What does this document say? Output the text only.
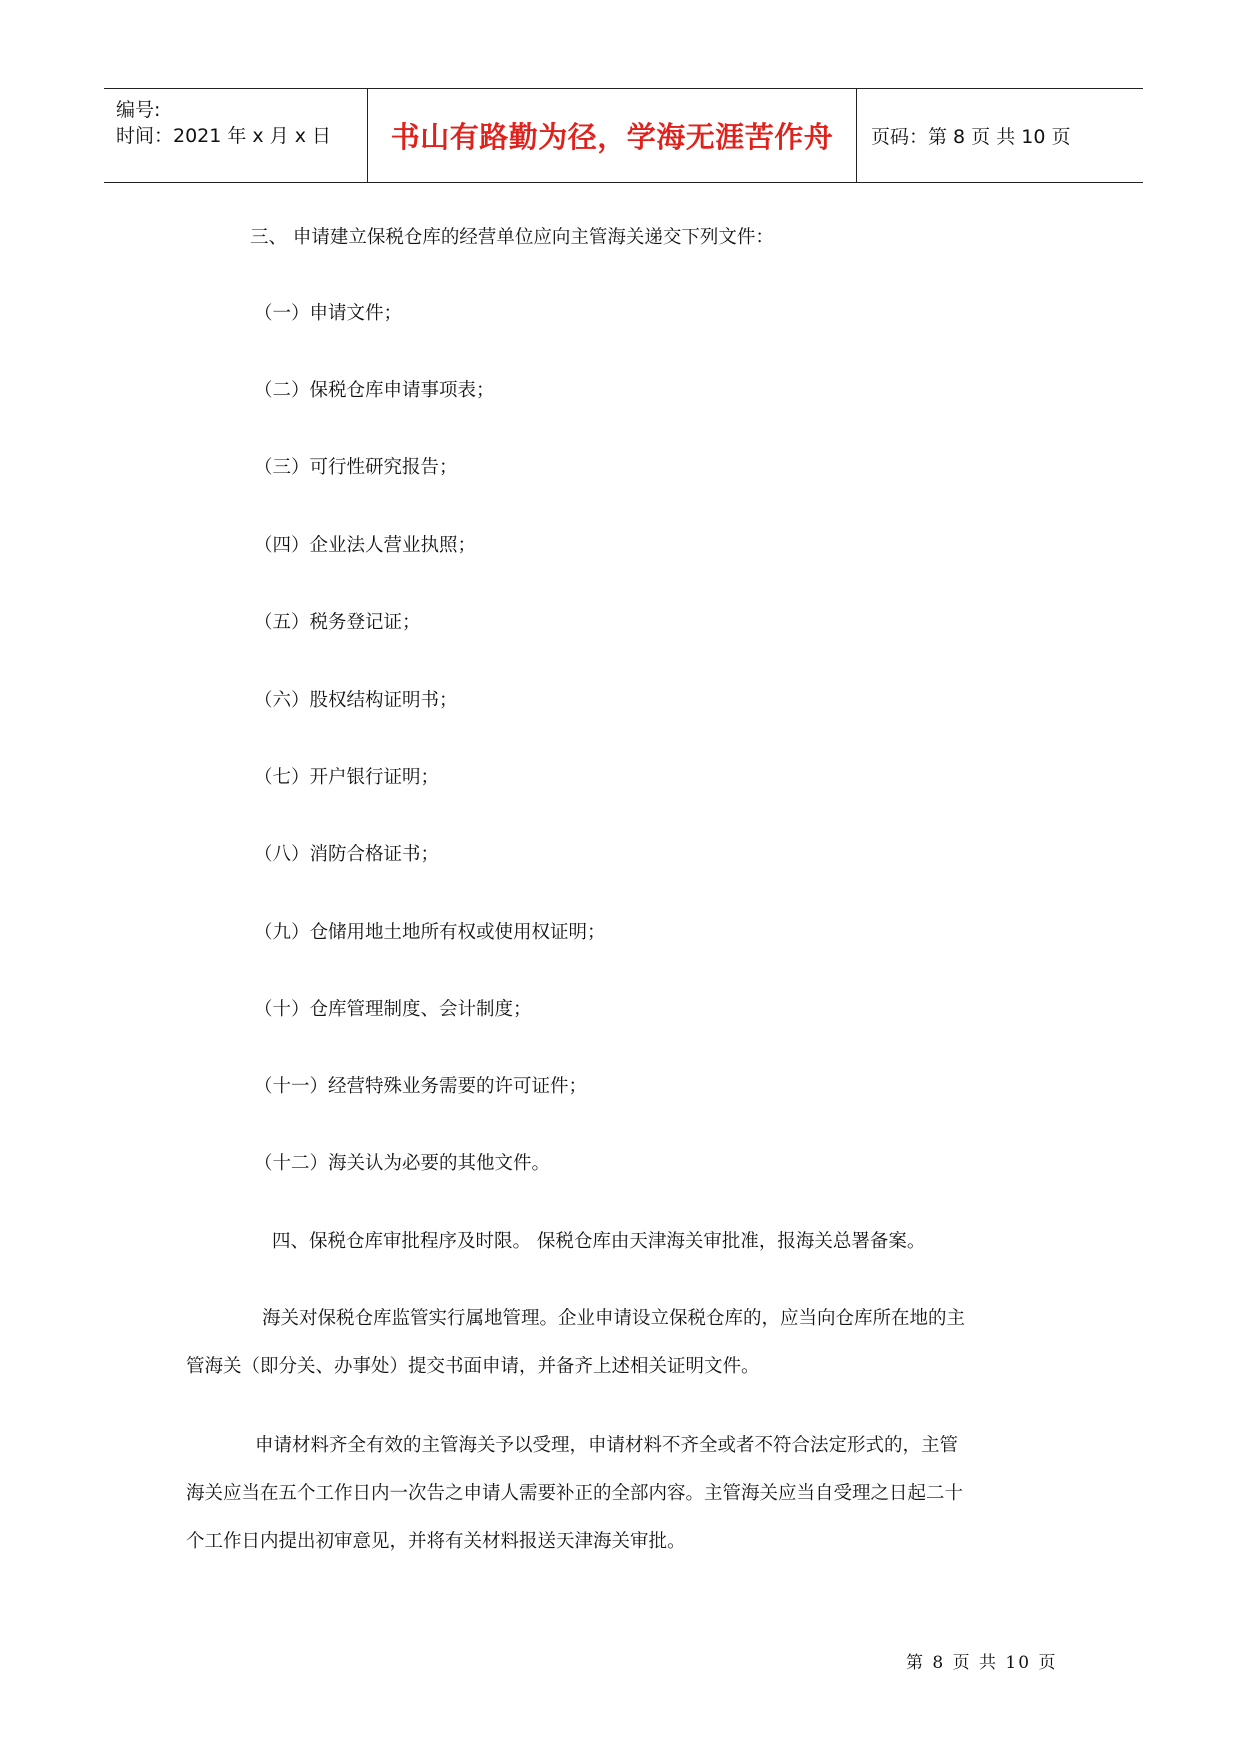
编号:
时间：2021 年 x 月 x 日	书山有路勤为径，学海无涯苦作舟	页码：第 8 页 共 10 页
三、 申请建立保税仓库的经营单位应向主管海关递交下列文件：
（一）申请文件；
（二）保税仓库申请事项表；
（三）可行性研究报告；
（四）企业法人营业执照；
（五）税务登记证；
（六）股权结构证明书；
（七）开户银行证明；
（八）消防合格证书；
（九）仓储用地土地所有权或使用权证明；
（十）仓库管理制度、会计制度；
（十一）经营特殊业务需要的许可证件；
（十二）海关认为必要的其他文件。
四、保税仓库审批程序及时限。 保税仓库由天津海关审批准，报海关总署备案。
海关对保税仓库监管实行属地管理。企业申请设立保税仓库的，应当向仓库所在地的主
管海关（即分关、办事处）提交书面申请，并备齐上述相关证明文件。
申请材料齐全有效的主管海关予以受理，申请材料不齐全或者不符合法定形式的，主管
海关应当在五个工作日内一次告之申请人需要补正的全部内容。主管海关应当自受理之日起二十
个工作日内提出初审意见，并将有关材料报送天津海关审批。
第 8 页 共 10 页
